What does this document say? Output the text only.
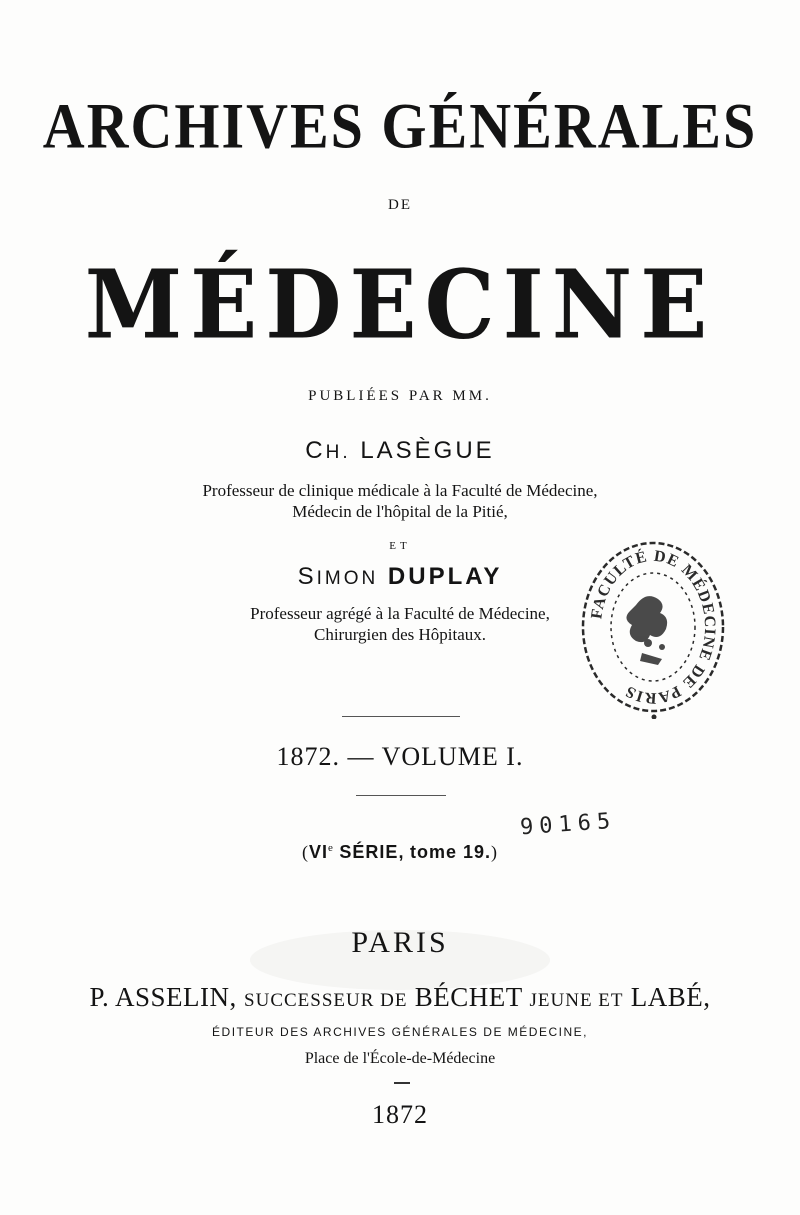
ARCHIVES GÉNÉRALES
DE
MÉDECINE
PUBLIÉES PAR MM.
CH. LASÈGUE
Professeur de clinique médicale à la Faculté de Médecine,
Médecin de l'hôpital de la Pitié,
ET
SIMON DUPLAY
Professeur agrégé à la Faculté de Médecine,
Chirurgien des Hôpitaux.
1872. — VOLUME I.
90165
(VIe SÉRIE, tome 19.)
PARIS
P. ASSELIN, SUCCESSEUR DE BÉCHET JEUNE ET LABÉ,
ÉDITEUR DES ARCHIVES GÉNÉRALES DE MÉDECINE,
Place de l'École-de-Médecine
1872
FACULTÉ DE MÉDECINE DE PARIS
